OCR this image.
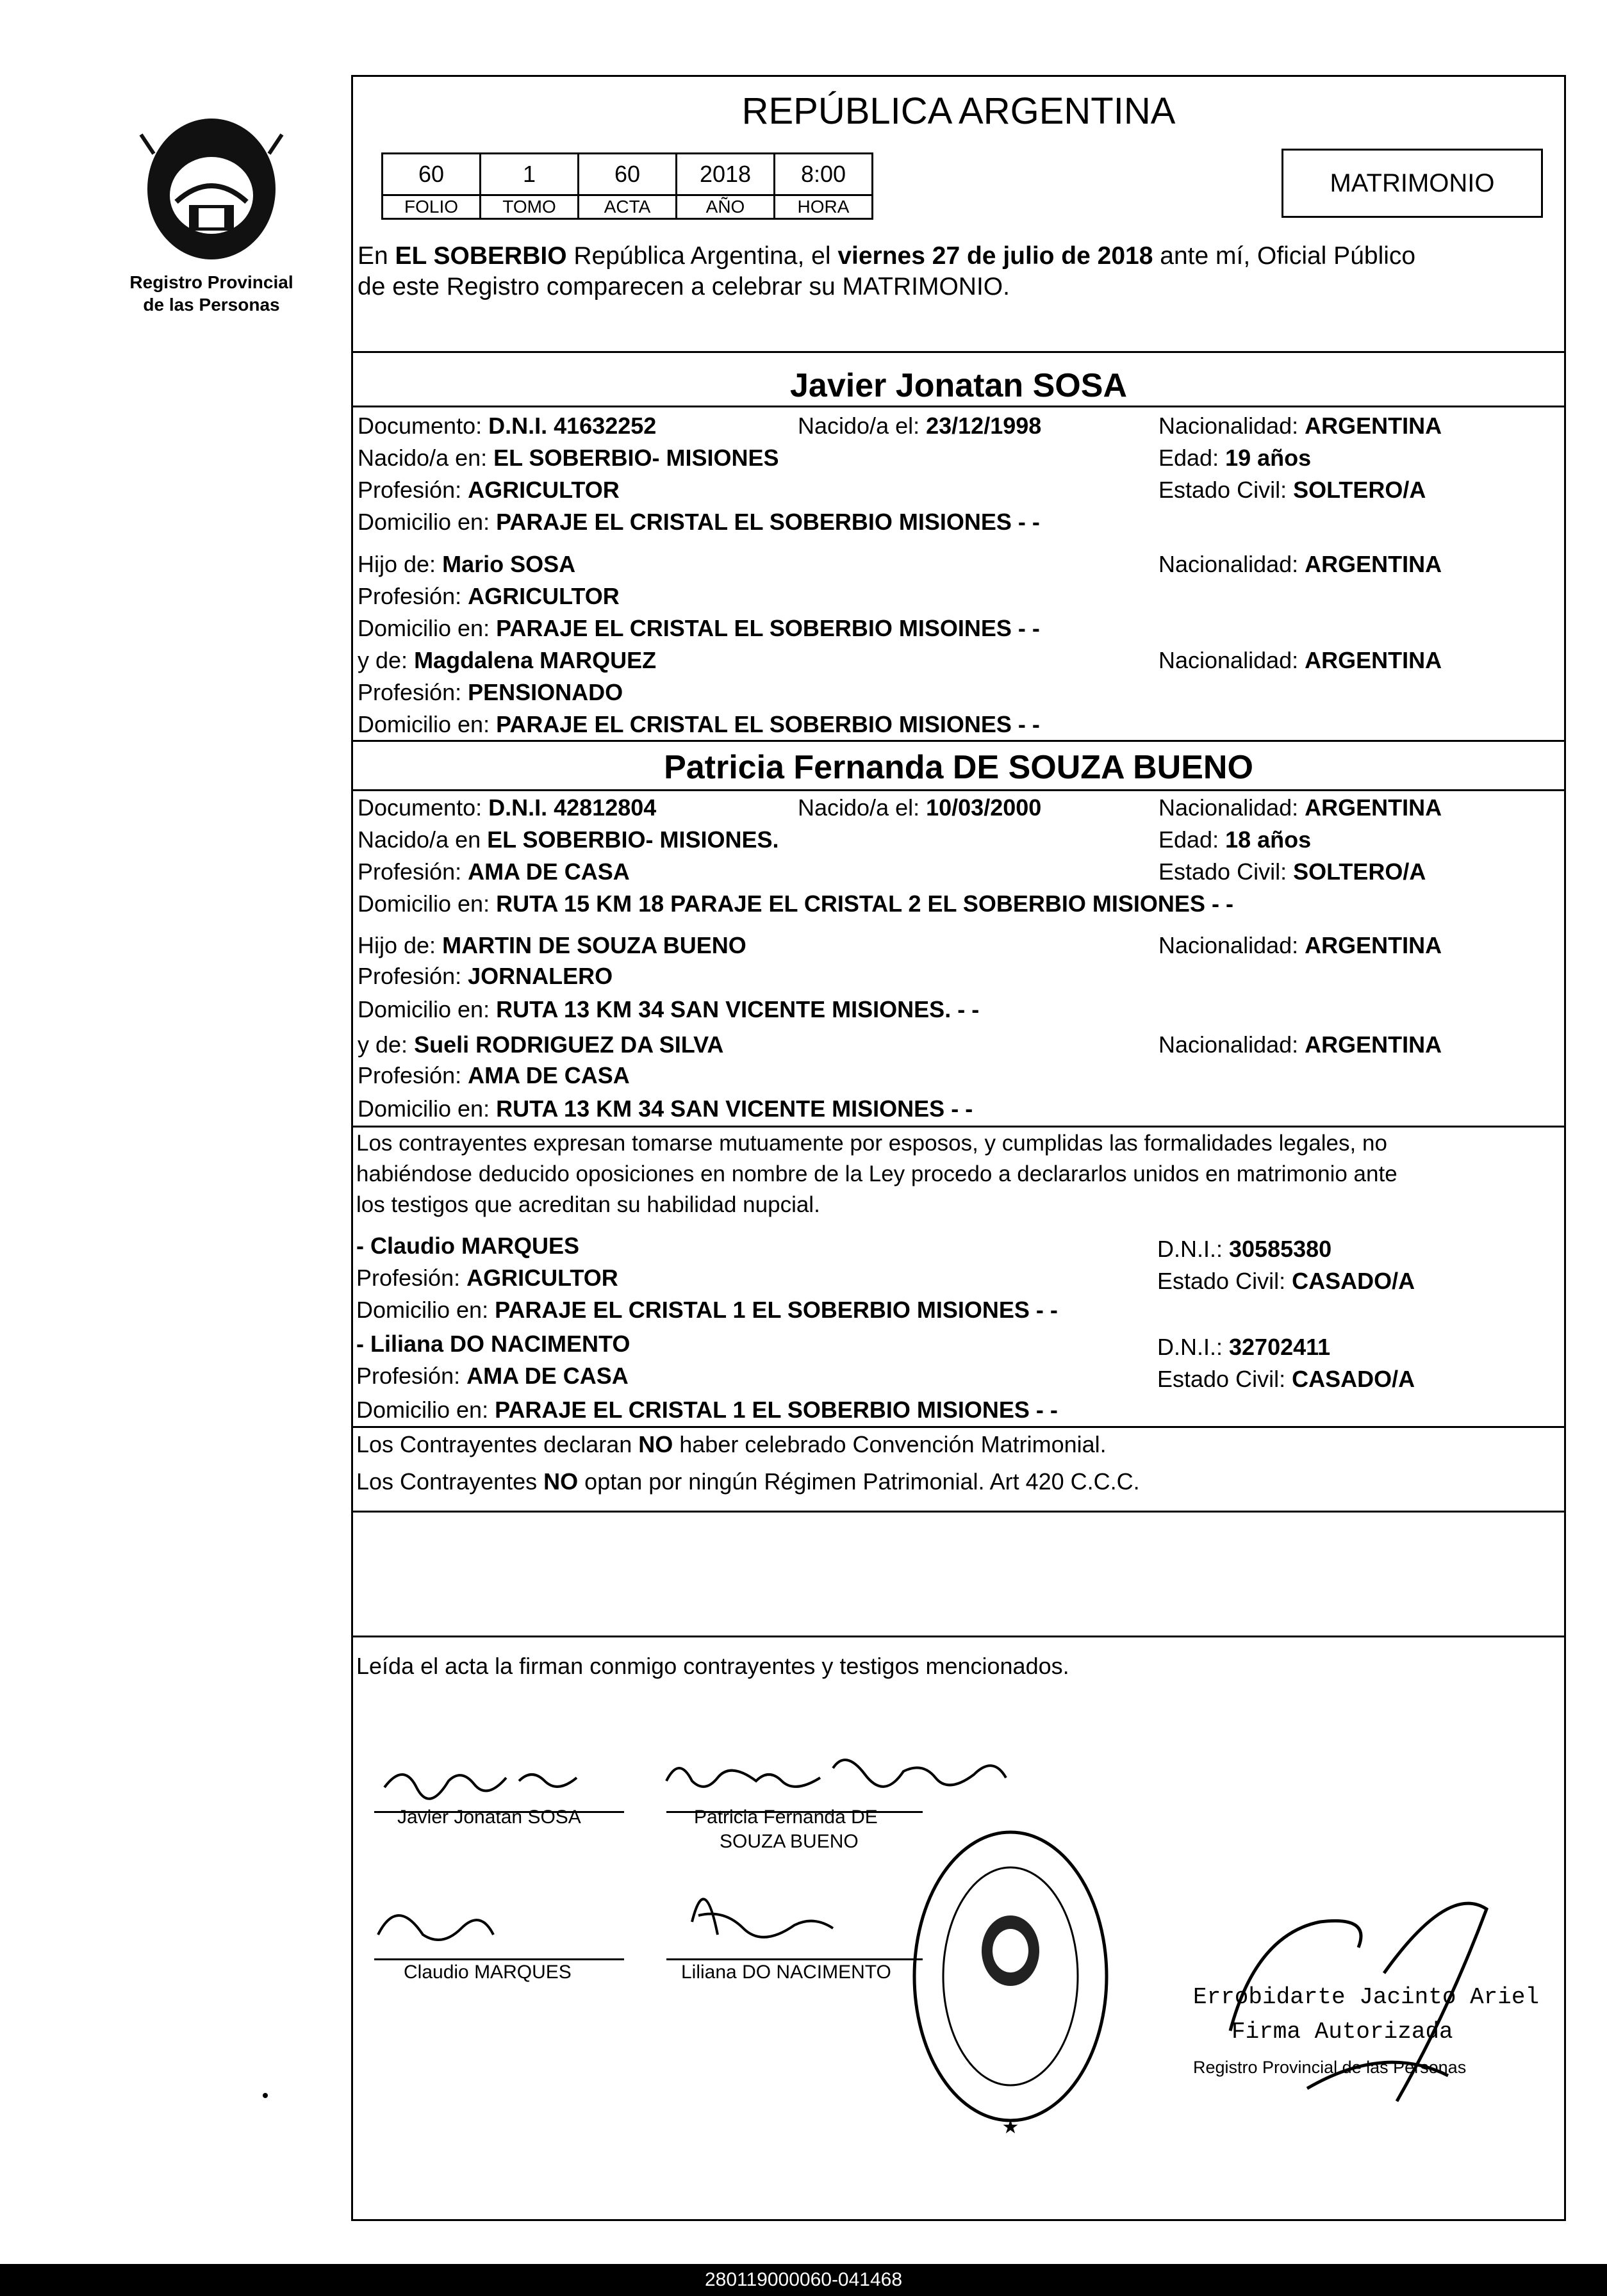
Registro Provincial
de las Personas
REPÚBLICA ARGENTINA
60	1	60	2018	8:00
FOLIO	TOMO	ACTA	AÑO	HORA
MATRIMONIO
En EL SOBERBIO República Argentina, el viernes 27 de julio de 2018 ante mí, Oficial Público
de este Registro comparecen a celebrar su MATRIMONIO.
Javier Jonatan SOSA
Documento: D.N.I. 41632252	Nacido/a el: 23/12/1998	Nacionalidad: ARGENTINA
Nacido/a en: EL SOBERBIO- MISIONES	Edad: 19 años
Profesión: AGRICULTOR	Estado Civil: SOLTERO/A
Domicilio en: PARAJE EL CRISTAL EL SOBERBIO MISIONES - -
Hijo de: Mario SOSA	Nacionalidad: ARGENTINA
Profesión: AGRICULTOR
Domicilio en: PARAJE EL CRISTAL EL SOBERBIO MISOINES - -
y de: Magdalena MARQUEZ	Nacionalidad: ARGENTINA
Profesión: PENSIONADO
Domicilio en: PARAJE EL CRISTAL EL SOBERBIO MISIONES - -
Patricia Fernanda DE SOUZA BUENO
Documento: D.N.I. 42812804	Nacido/a el: 10/03/2000	Nacionalidad: ARGENTINA
Nacido/a en EL SOBERBIO- MISIONES.	Edad: 18 años
Profesión: AMA DE CASA	Estado Civil: SOLTERO/A
Domicilio en: RUTA 15 KM 18 PARAJE EL CRISTAL 2 EL SOBERBIO MISIONES - -
Hijo de: MARTIN DE SOUZA BUENO	Nacionalidad: ARGENTINA
Profesión: JORNALERO
Domicilio en: RUTA 13 KM 34 SAN VICENTE MISIONES. - -
y de: Sueli RODRIGUEZ DA SILVA	Nacionalidad: ARGENTINA
Profesión: AMA DE CASA
Domicilio en: RUTA 13 KM 34 SAN VICENTE MISIONES - -
Los contrayentes expresan tomarse mutuamente por esposos, y cumplidas las formalidades legales, no
habiéndose deducido oposiciones en nombre de la Ley procedo a declararlos unidos en matrimonio ante
los testigos que acreditan su habilidad nupcial.
- Claudio MARQUES	D.N.I.: 30585380
Profesión: AGRICULTOR	Estado Civil: CASADO/A
Domicilio en: PARAJE EL CRISTAL 1 EL SOBERBIO MISIONES - -
- Liliana DO NACIMENTO	D.N.I.: 32702411
Profesión: AMA DE CASA	Estado Civil: CASADO/A
Domicilio en: PARAJE EL CRISTAL 1 EL SOBERBIO MISIONES - -
Los Contrayentes declaran NO haber celebrado Convención Matrimonial.
Los Contrayentes NO optan por ningún Régimen Patrimonial. Art 420 C.C.C.
Leída el acta la firman conmigo contrayentes y testigos mencionados.
Javier Jonatan SOSA	Patricia Fernanda DE
SOUZA BUENO
Claudio MARQUES	Liliana DO NACIMENTO
★
Errobidarte Jacinto Ariel
Firma Autorizada
Registro Provincial de las Personas
280119000060-041468
